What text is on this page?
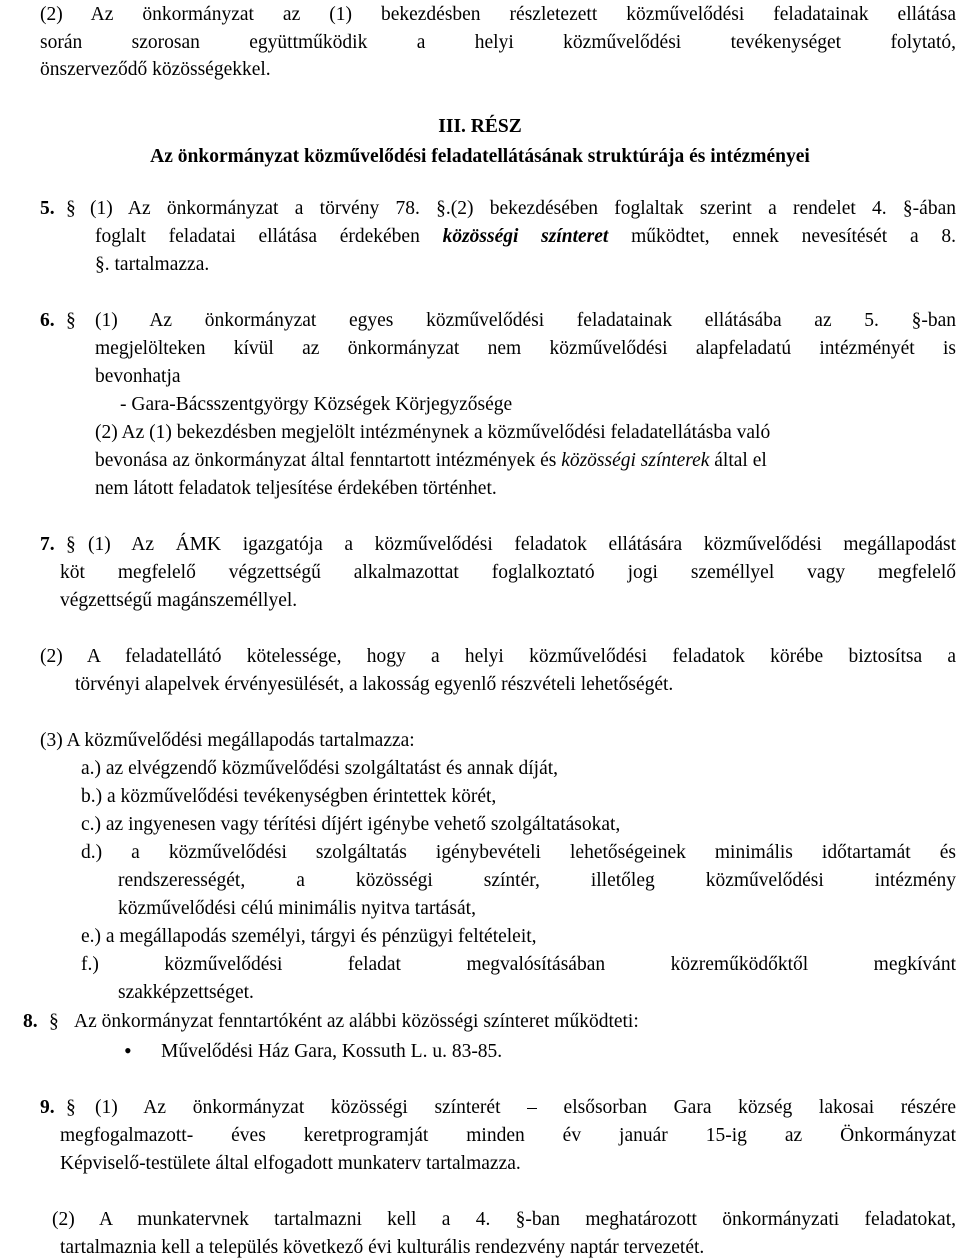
(2) Az önkormányzat az (1) bekezdésben részletezett közművelődési feladatainak ellátása
során szorosan együttműködik a helyi közművelődési tevékenységet folytató,
önszerveződő közösségekkel.
III. RÉSZ
Az önkormányzat közművelődési feladatellátásának struktúrája és intézményei
5. § (1) Az önkormányzat a törvény 78. §.(2) bekezdésében foglaltak szerint a rendelet 4. §-ában
foglalt feladatai ellátása érdekében közösségi színteret működtet, ennek nevesítését a 8.
§. tartalmazza.
6. § (1) Az önkormányzat egyes közművelődési feladatainak ellátásába az 5. §-ban
megjelölteken kívül az önkormányzat nem közművelődési alapfeladatú intézményét is
bevonhatja
- Gara-Bácsszentgyörgy Községek Körjegyzősége
(2) Az (1) bekezdésben megjelölt intézménynek a közművelődési feladatellátásba való
bevonása az önkormányzat által fenntartott intézmények és közösségi színterek által el
nem látott feladatok teljesítése érdekében történhet.
7. § (1) Az ÁMK igazgatója a közművelődési feladatok ellátására közművelődési megállapodást
köt megfelelő végzettségű alkalmazottat foglalkoztató jogi személlyel vagy megfelelő
végzettségű magánszeméllyel.
(2) A feladatellátó kötelessége, hogy a helyi közművelődési feladatok körébe biztosítsa a
törvényi alapelvek érvényesülését, a lakosság egyenlő részvételi lehetőségét.
(3) A közművelődési megállapodás tartalmazza:
a.) az elvégzendő közművelődési szolgáltatást és annak díját,
b.) a közművelődési tevékenységben érintettek körét,
c.) az ingyenesen vagy térítési díjért igénybe vehető szolgáltatásokat,
d.) a közművelődési szolgáltatás igénybevételi lehetőségeinek minimális időtartamát és
rendszerességét, a közösségi színtér, illetőleg közművelődési intézmény
közművelődési célú minimális nyitva tartását,
e.) a megállapodás személyi, tárgyi és pénzügyi feltételeit,
f.) közművelődési feladat megvalósításában közreműködőktől megkívánt
szakképzettséget.
8. § Az önkormányzat fenntartóként az alábbi közösségi színteret működteti:
• Művelődési Ház Gara, Kossuth L. u. 83-85.
9. § (1) Az önkormányzat közösségi színterét – elsősorban Gara község lakosai részére
megfogalmazott- éves keretprogramját minden év január 15-ig az Önkormányzat
Képviselő-testülete által elfogadott munkaterv tartalmazza.
(2) A munkatervnek tartalmazni kell a 4. §-ban meghatározott önkormányzati feladatokat,
tartalmaznia kell a település következő évi kulturális rendezvény naptár tervezetét.
